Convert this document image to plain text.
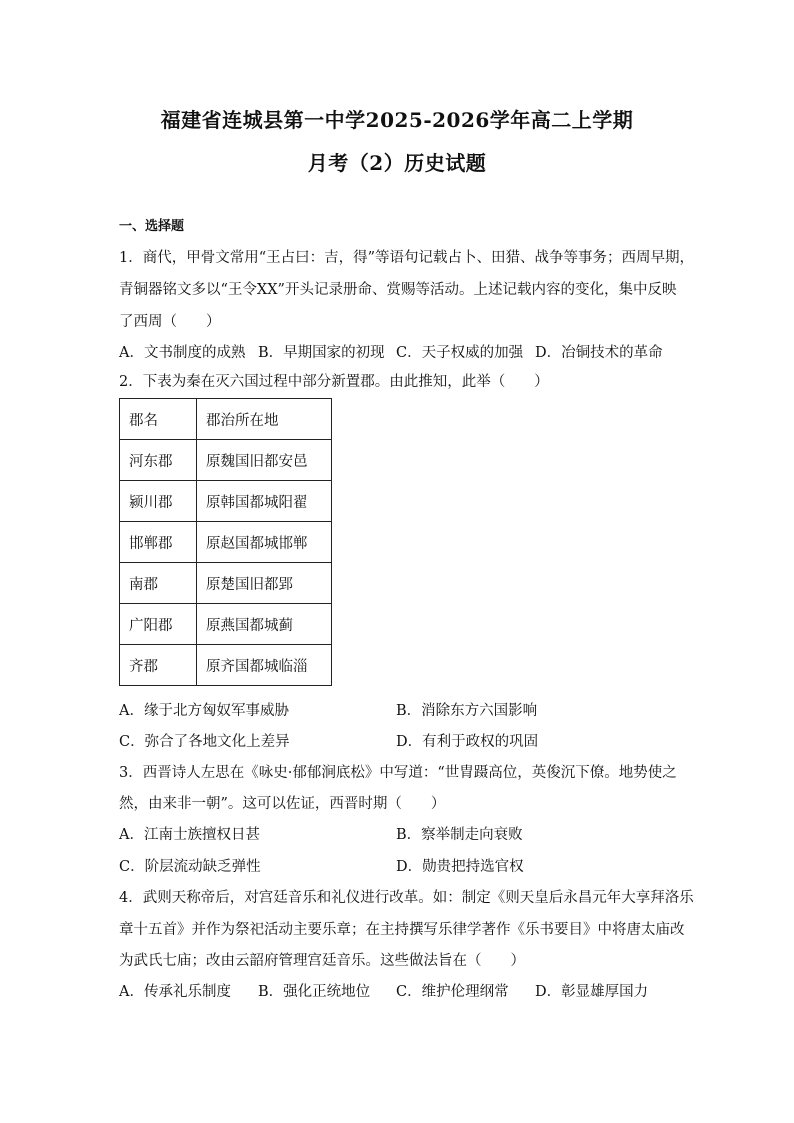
福建省连城县第一中学2025-2026学年高二上学期
月考（2）历史试题
一、选择题
1．商代，甲骨文常用“王占曰：吉，得”等语句记载占卜、田猎、战争等事务；西周早期，
青铜器铭文多以“王令XX”开头记录册命、赏赐等活动。上述记载内容的变化，集中反映
了西周（　　）
A．文书制度的成熟 B．早期国家的初现 C．天子权威的加强 D．冶铜技术的革命
2．下表为秦在灭六国过程中部分新置郡。由此推知，此举（　　）
郡名	郡治所在地
河东郡	原魏国旧都安邑
颍川郡	原韩国都城阳翟
邯郸郡	原赵国都城邯郸
南郡	原楚国旧都郢
广阳郡	原燕国都城蓟
齐郡	原齐国都城临淄
A．缘于北方匈奴军事威胁	B．消除东方六国影响
C．弥合了各地文化上差异	D．有利于政权的巩固
3．西晋诗人左思在《咏史·郁郁涧底松》中写道：“世胄蹑高位，英俊沉下僚。地势使之
然，由来非一朝”。这可以佐证，西晋时期（　　）
A．江南士族擅权日甚	B．察举制走向衰败
C．阶层流动缺乏弹性	D．勋贵把持选官权
4．武则天称帝后，对宫廷音乐和礼仪进行改革。如：制定《则天皇后永昌元年大享拜洛乐
章十五首》并作为祭祀活动主要乐章；在主持撰写乐律学著作《乐书要目》中将唐太庙改
为武氏七庙；改由云韶府管理宫廷音乐。这些做法旨在（　　）
A．传承礼乐制度 B．强化正统地位 C．维护伦理纲常 D．彰显雄厚国力
